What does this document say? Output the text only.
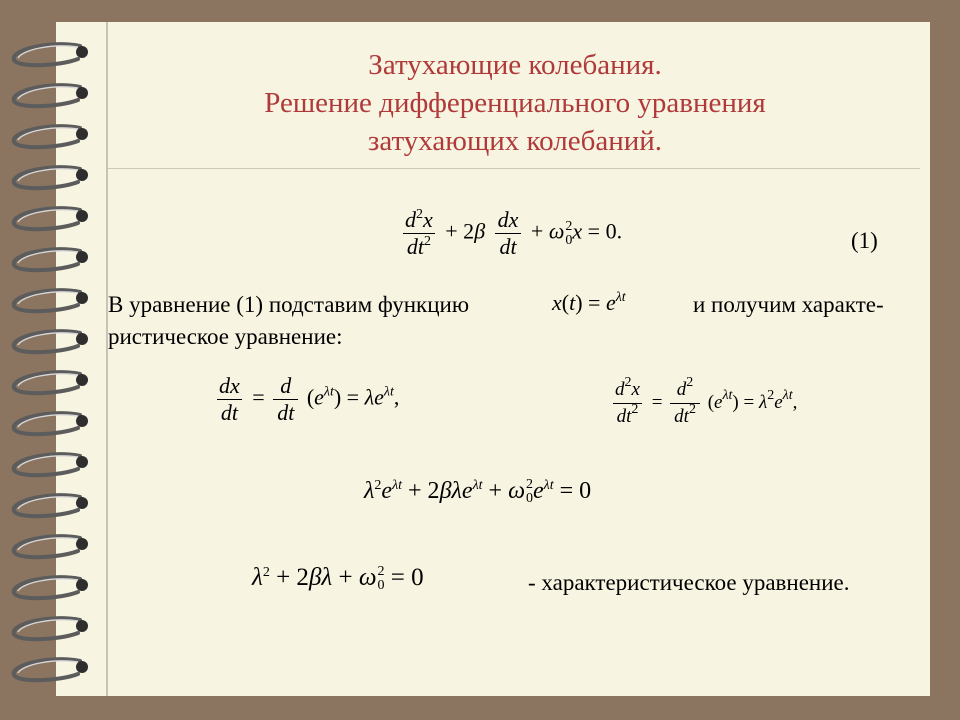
Затухающие колебания.
Решение дифференциального уравнения
затухающих колебаний.
$\frac{d^2x}{dt^2} + 2\beta \frac{dx}{dt} + \omega$ 2
0 x = 0.	(1)
В уравнение (1) подставим функцию	$x(t) = e^{\lambda t}$	и получим характе-
ристическое уравнение:
$\frac{dx}{dt} = \frac{d}{dt} (e^{\lambda t}) = \lambda e^{\lambda t}$,	$\frac{d^2x}{dt^2} = \frac{d^2}{dt^2} (e^{\lambda t}) = \lambda^2e^{\lambda t}$,
$\lambda^2e^{\lambda t} + 2\beta\lambda e^{\lambda t} + \omega$ 2
0 $e^{\lambda t} = 0$
$\lambda^2 + 2\beta\lambda + \omega$ 2
0 = 0	- характеристическое уравнение.
